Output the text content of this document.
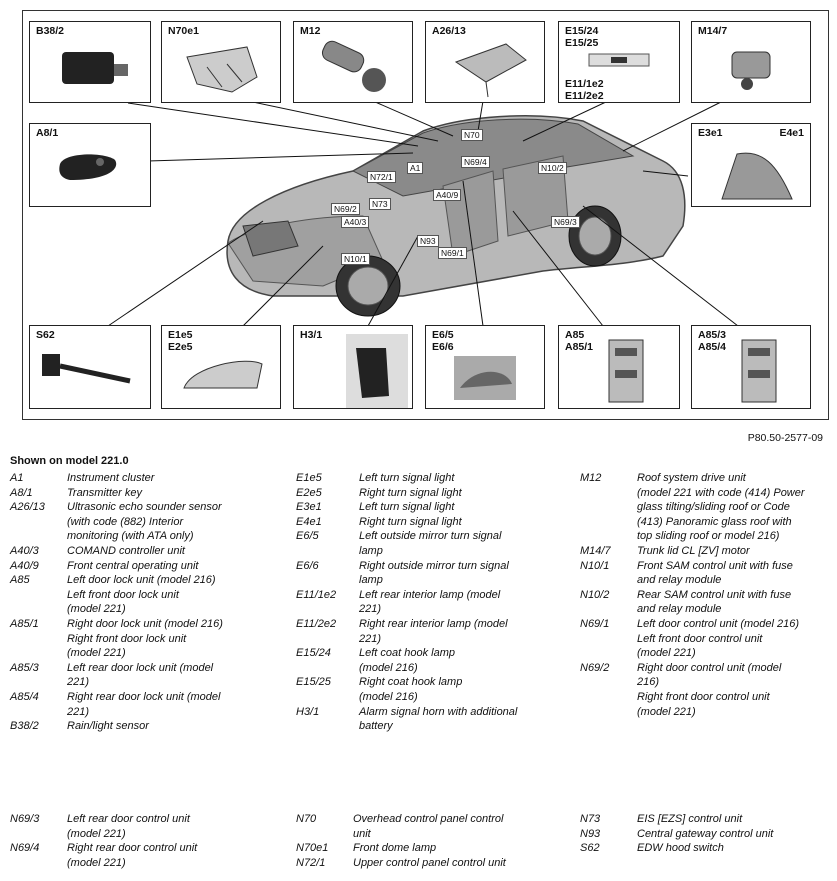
B38/2	N70e1	M12	A26/13	E15/24
E15/25
E11/1e2
E11/2e2
M14/7
A8/1	E3e1	E4e1
S62	E1e5
E2e5
H3/1	E6/5
E6/6
A85
A85/1
A85/3
A85/4
N70
A1
N69/4
N10/2
N72/1
A40/9
N69/2	N73
A40/3	N69/3
N93
N69/1
N10/1
P80.50-2577-09
Shown on model 221.0
A1	Instrument cluster
A8/1	Transmitter key
A26/13 Ultrasonic echo sounder sensor
(with code (882) Interior
monitoring (with ATA only)
A40/3	COMAND controller unit
A40/9	Front central operating unit
A85	Left door lock unit (model 216)
Left front door lock unit
(model 221)
A85/1	Right door lock unit (model 216)
Right front door lock unit
(model 221)
A85/3	Left rear door lock unit (model
221)
A85/4	Right rear door lock unit (model
221)
B38/2	Rain/light sensor
E1e5	Left turn signal light
E2e5	Right turn signal light
E3e1	Left turn signal light
E4e1	Right turn signal light
E6/5	Left outside mirror turn signal
lamp
E6/6	Right outside mirror turn signal
lamp
E11/1e2 Left rear interior lamp (model
221)
E11/2e2 Right rear interior lamp (model
221)
E15/24	Left coat hook lamp
(model 216)
E15/25	Right coat hook lamp
(model 216)
H3/1	Alarm signal horn with additional
battery
M12	Roof system drive unit
(model 221 with code (414) Power
glass tilting/sliding roof or Code
(413) Panoramic glass roof with
top sliding roof or model 216)
M14/7 Trunk lid CL [ZV] motor
N10/1	Front SAM control unit with fuse
and relay module
N10/2	Rear SAM control unit with fuse
and relay module
N69/1	Left door control unit (model 216)
Left front door control unit
(model 221)
N69/2	Right door control unit (model
216)
Right front door control unit
(model 221)
N69/3	Left rear door control unit
(model 221)
N69/4	Right rear door control unit
(model 221)
N70	Overhead control panel control
unit
N70e1 Front dome lamp
N72/1	Upper control panel control unit
N73	EIS [EZS] control unit
N93	Central gateway control unit
S62	EDW hood switch
